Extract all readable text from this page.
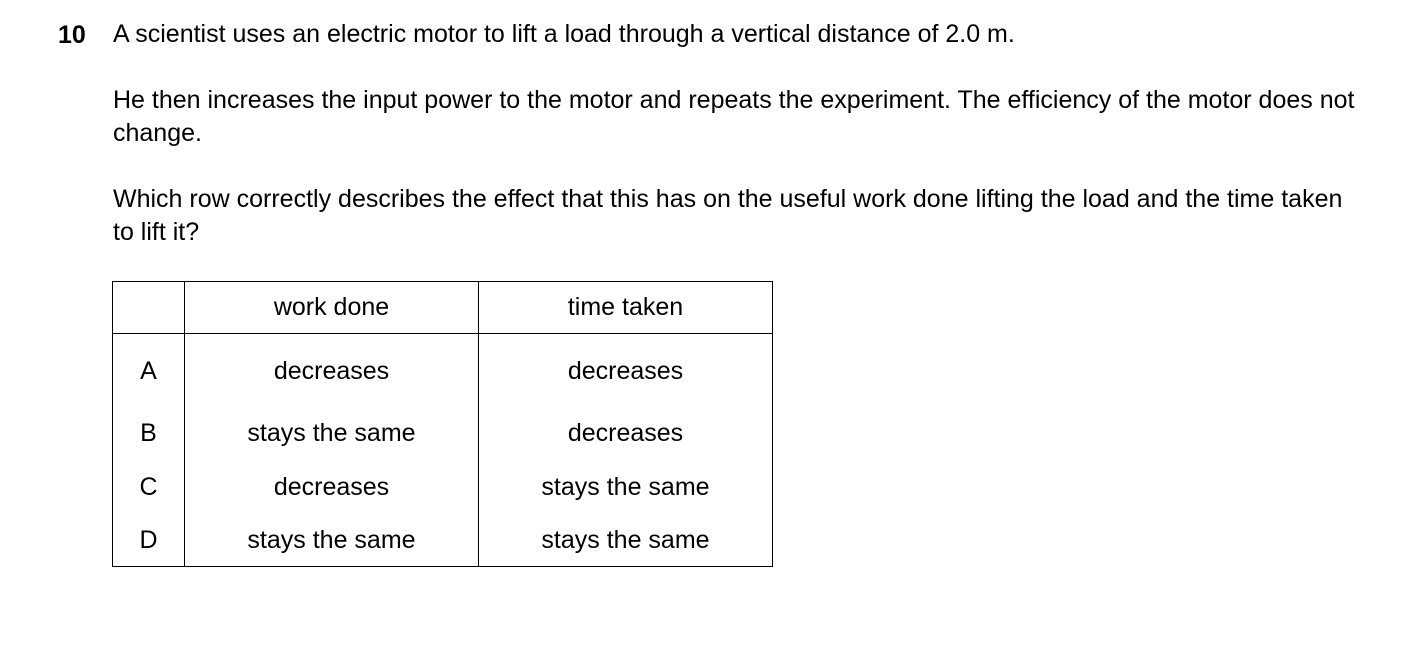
10 A scientist uses an electric motor to lift a load through a vertical distance of 2.0 m.

He then increases the input power to the motor and repeats the experiment. The efficiency of the motor does not change.

Which row correctly describes the effect that this has on the useful work done lifting the load and the time taken to lift it?

	work done	time taken
A	decreases	decreases
B	stays the same	decreases
C	decreases	stays the same
D	stays the same	stays the same
